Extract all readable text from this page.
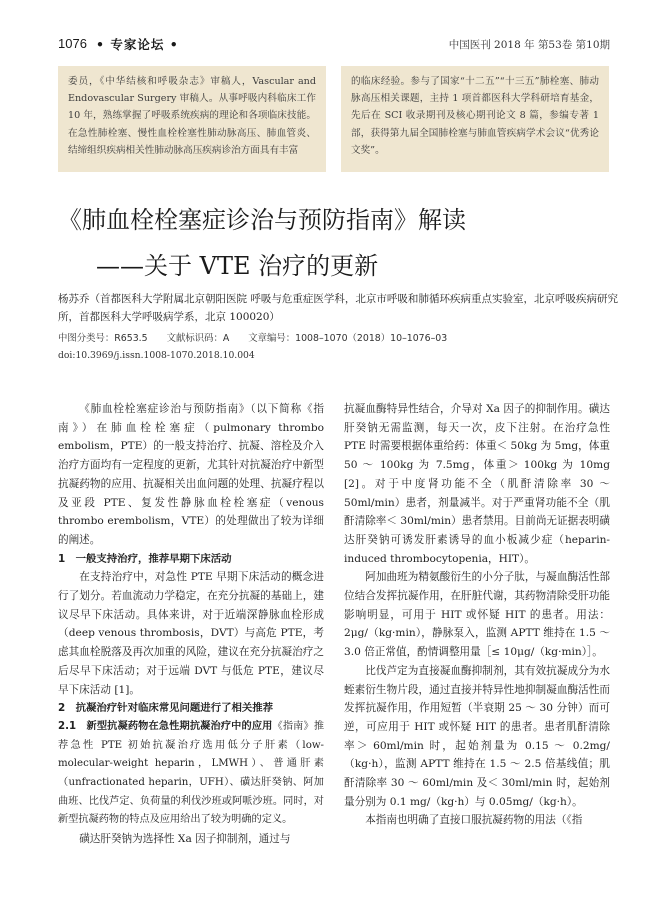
1076 • 专家论坛 •	中国医刊 2018 年 第53卷 第10期
委员，《中华结核和呼吸杂志》审稿人，Vascular and Endovascular Surgery 审稿人。从事呼吸内科临床工作 10 年，熟练掌握了呼吸系统疾病的理论和各项临床技能。在急性肺栓塞、慢性血栓栓塞性肺动脉高压、肺血管炎、结缔组织疾病相关性肺动脉高压疾病诊治方面具有丰富
的临床经验。参与了国家“十二五”“十三五”肺栓塞、肺动脉高压相关课题，主持 1 项首都医科大学科研培育基金，先后在 SCI 收录期刊及核心期刊论文 8 篇，参编专著 1 部，获得第九届全国肺栓塞与肺血管疾病学术会议“优秀论文奖”。
《肺血栓栓塞症诊治与预防指南》解读
——关于 VTE 治疗的更新
杨苏乔（首都医科大学附属北京朝阳医院 呼吸与危重症医学科，北京市呼吸和肺循环疾病重点实验室，北京呼吸疾病研究所，首都医科大学呼吸病学系，北京 100020）
中图分类号：R653.5 文献标识码：A 文章编号：1008–1070（2018）10–1076–03
doi:10.3969/j.issn.1008-1070.2018.10.004

《肺血栓栓塞症诊治与预防指南》（以下简称《指南》）在肺血栓栓塞症（pulmonary thrombo embolism，PTE）的一般支持治疗、抗凝、溶栓及介入治疗方面均有一定程度的更新，尤其针对抗凝治疗中新型抗凝药物的应用、抗凝相关出血问题的处理、抗凝疗程以及亚段 PTE、复发性静脉血栓栓塞症（venous thrombo erembolism，VTE）的处理做出了较为详细的阐述。

1　一般支持治疗，推荐早期下床活动

在支持治疗中，对急性 PTE 早期下床活动的概念进行了划分。若血流动力学稳定，在充分抗凝的基础上，建议尽早下床活动。具体来讲，对于近端深静脉血栓形成（deep venous thrombosis，DVT）与高危 PTE，考虑其血栓脱落及再次加重的风险，建议在充分抗凝治疗之后尽早下床活动；对于远端 DVT 与低危 PTE，建议尽早下床活动 [1]。

2　抗凝治疗针对临床常见问题进行了相关推荐
2.1　新型抗凝药物在急性期抗凝治疗中的应用《指南》推荐急性 PTE 初始抗凝治疗选用低分子肝素（low-molecular-weight heparin，LMWH）、普通肝素（unfractionated heparin，UFH）、磺达肝癸钠、阿加曲班、比伐芦定、负荷量的利伐沙班或阿哌沙班。同时，对新型抗凝药物的特点及应用给出了较为明确的定义。

磺达肝癸钠为选择性 Xa 因子抑制剂，通过与

抗凝血酶特异性结合，介导对 Xa 因子的抑制作用。磺达肝癸钠无需监测，每天一次，皮下注射。在治疗急性 PTE 时需要根据体重给药：体重＜ 50kg 为 5mg，体重 50 ～ 100kg 为 7.5mg，体重＞ 100kg 为 10mg [2]。对于中度肾功能不全（肌酐清除率 30 ～ 50ml/min）患者，剂量减半。对于严重肾功能不全（肌酐清除率＜ 30ml/min）患者禁用。目前尚无证据表明磺达肝癸钠可诱发肝素诱导的血小板减少症（heparin-induced thrombocytopenia，HIT）。

阿加曲班为精氨酸衍生的小分子肽，与凝血酶活性部位结合发挥抗凝作用，在肝脏代谢，其药物清除受肝功能影响明显，可用于 HIT 或怀疑 HIT 的患者。用法：2μg/（kg·min），静脉泵入，监测 APTT 维持在 1.5 ～ 3.0 倍正常值，酌情调整用量［≤ 10μg/（kg·min）］。

比伐芦定为直接凝血酶抑制剂，其有效抗凝成分为水蛭素衍生物片段，通过直接并特异性地抑制凝血酶活性而发挥抗凝作用，作用短暂（半衰期 25 ～ 30 分钟）而可逆，可应用于 HIT 或怀疑 HIT 的患者。患者肌酐清除率＞ 60ml/min 时，起始剂量为 0.15 ～ 0.2mg/（kg·h），监测 APTT 维持在 1.5 ～ 2.5 倍基线值；肌酐清除率 30 ～ 60ml/min 及＜ 30ml/min 时，起始剂量分别为 0.1 mg/（kg·h）与 0.05mg/（kg·h）。

本指南也明确了直接口服抗凝药物的用法（《指
